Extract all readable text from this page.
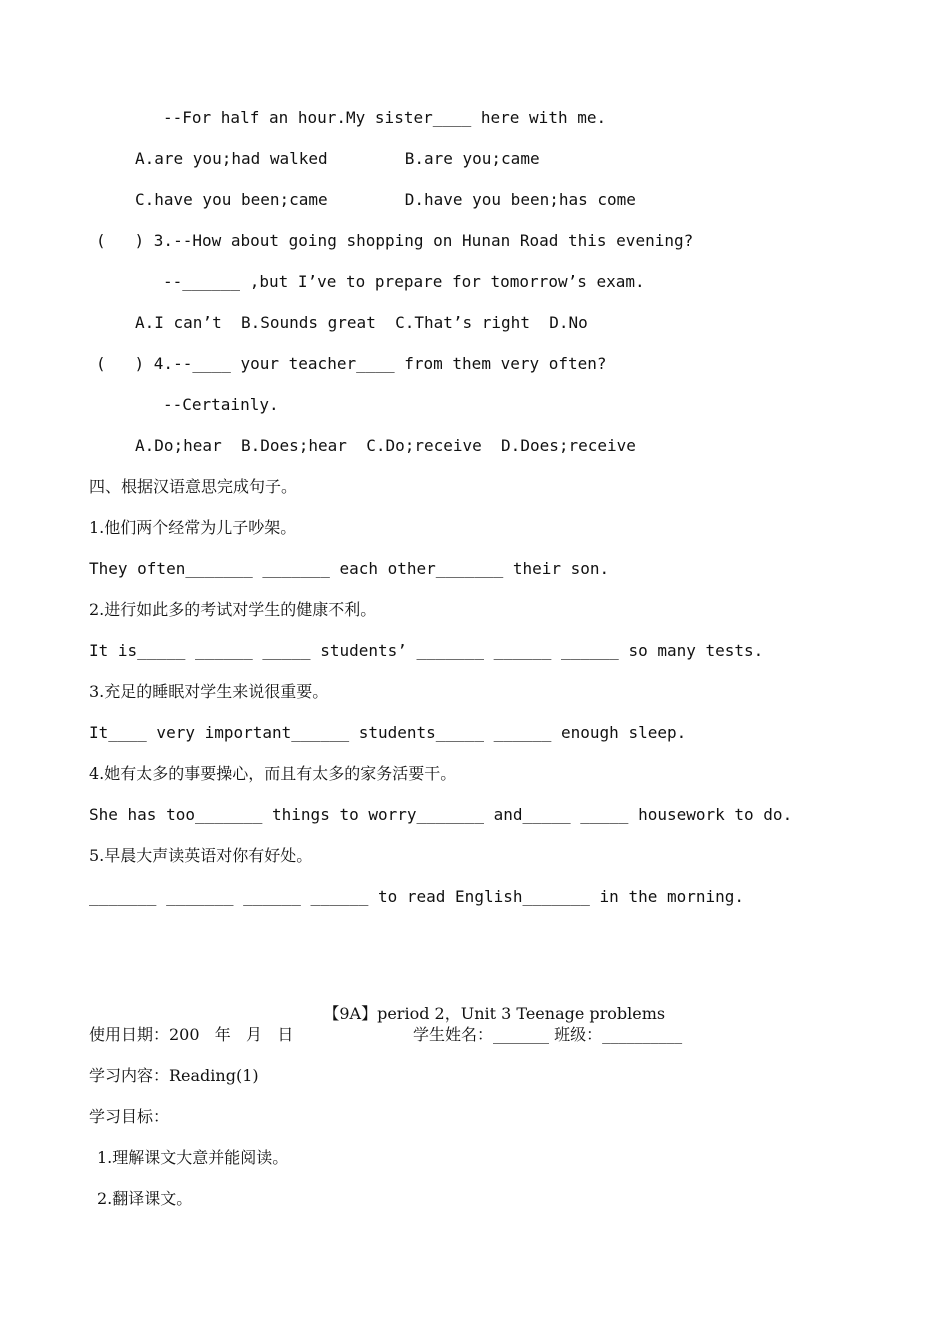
--For half an hour.My sister____ here with me.
A.are you;had walked        B.are you;came
C.have you been;came        D.have you been;has come
(   ) 3.--How about going shopping on Hunan Road this evening?
--______ ,but I’ve to prepare for tomorrow’s exam.
A.I can’t  B.Sounds great  C.That’s right  D.No
(   ) 4.--____ your teacher____ from them very often?
--Certainly.
A.Do;hear  B.Does;hear  C.Do;receive  D.Does;receive
四、根据汉语意思完成句子。
1.他们两个经常为儿子吵架。
They often_______ _______ each other_______ their son.
2.进行如此多的考试对学生的健康不利。
It is_____ ______ _____ students’ _______ ______ ______ so many tests.
3.充足的睡眠对学生来说很重要。
It____ very important______ students_____ ______ enough sleep.
4.她有太多的事要操心，而且有太多的家务活要干。
She has too_______ things to worry_______ and_____ _____ housework to do.
5.早晨大声读英语对你有好处。
_______ _______ ______ ______ to read English_______ in the morning.

【9A】period 2，Unit 3 Teenage problems

使用日期：200   年   月   日	学生姓名：_______ 班级：__________
学习内容：Reading(1)
学习目标：
1.理解课文大意并能阅读。
2.翻译课文。
